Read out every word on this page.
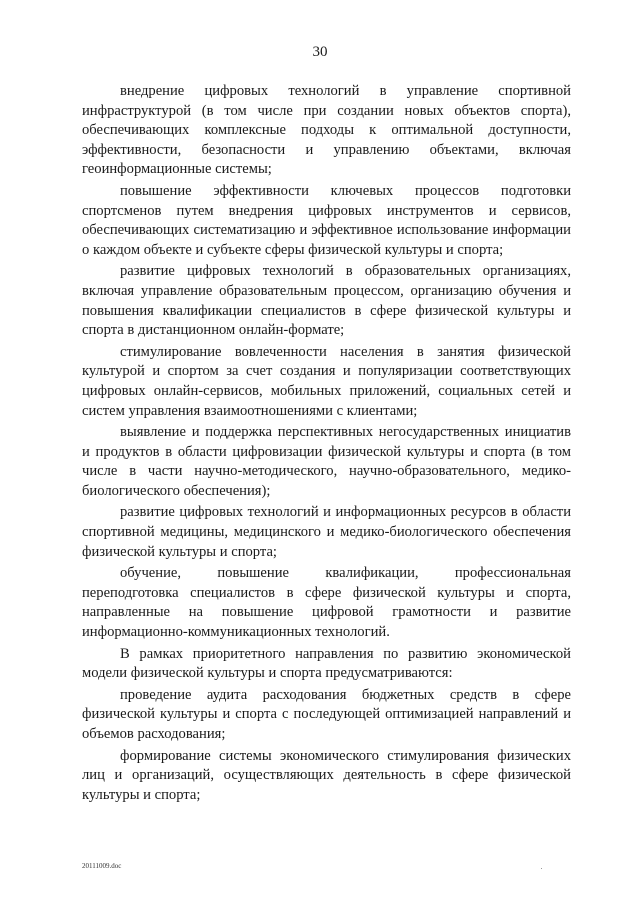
30

внедрение цифровых технологий в управление спортивной инфраструктурой (в том числе при создании новых объектов спорта), обеспечивающих комплексные подходы к оптимальной доступности, эффективности, безопасности и управлению объектами, включая геоинформационные системы;

повышение эффективности ключевых процессов подготовки спортсменов путем внедрения цифровых инструментов и сервисов, обеспечивающих систематизацию и эффективное использование информации о каждом объекте и субъекте сферы физической культуры и спорта;

развитие цифровых технологий в образовательных организациях, включая управление образовательным процессом, организацию обучения и повышения квалификации специалистов в сфере физической культуры и спорта в дистанционном онлайн-формате;

стимулирование вовлеченности населения в занятия физической культурой и спортом за счет создания и популяризации соответствующих цифровых онлайн-сервисов, мобильных приложений, социальных сетей и систем управления взаимоотношениями с клиентами;

выявление и поддержка перспективных негосударственных инициатив и продуктов в области цифровизации физической культуры и спорта (в том числе в части научно-методического, научно-образовательного, медико-биологического обеспечения);

развитие цифровых технологий и информационных ресурсов в области спортивной медицины, медицинского и медико-биологического обеспечения физической культуры и спорта;

обучение, повышение квалификации, профессиональная переподготовка специалистов в сфере физической культуры и спорта, направленные на повышение цифровой грамотности и развитие информационно-коммуникационных технологий.

В рамках приоритетного направления по развитию экономической модели физической культуры и спорта предусматриваются:

проведение аудита расходования бюджетных средств в сфере физической культуры и спорта с последующей оптимизацией направлений и объемов расходования;

формирование системы экономического стимулирования физических лиц и организаций, осуществляющих деятельность в сфере физической культуры и спорта;

20111009.doc
